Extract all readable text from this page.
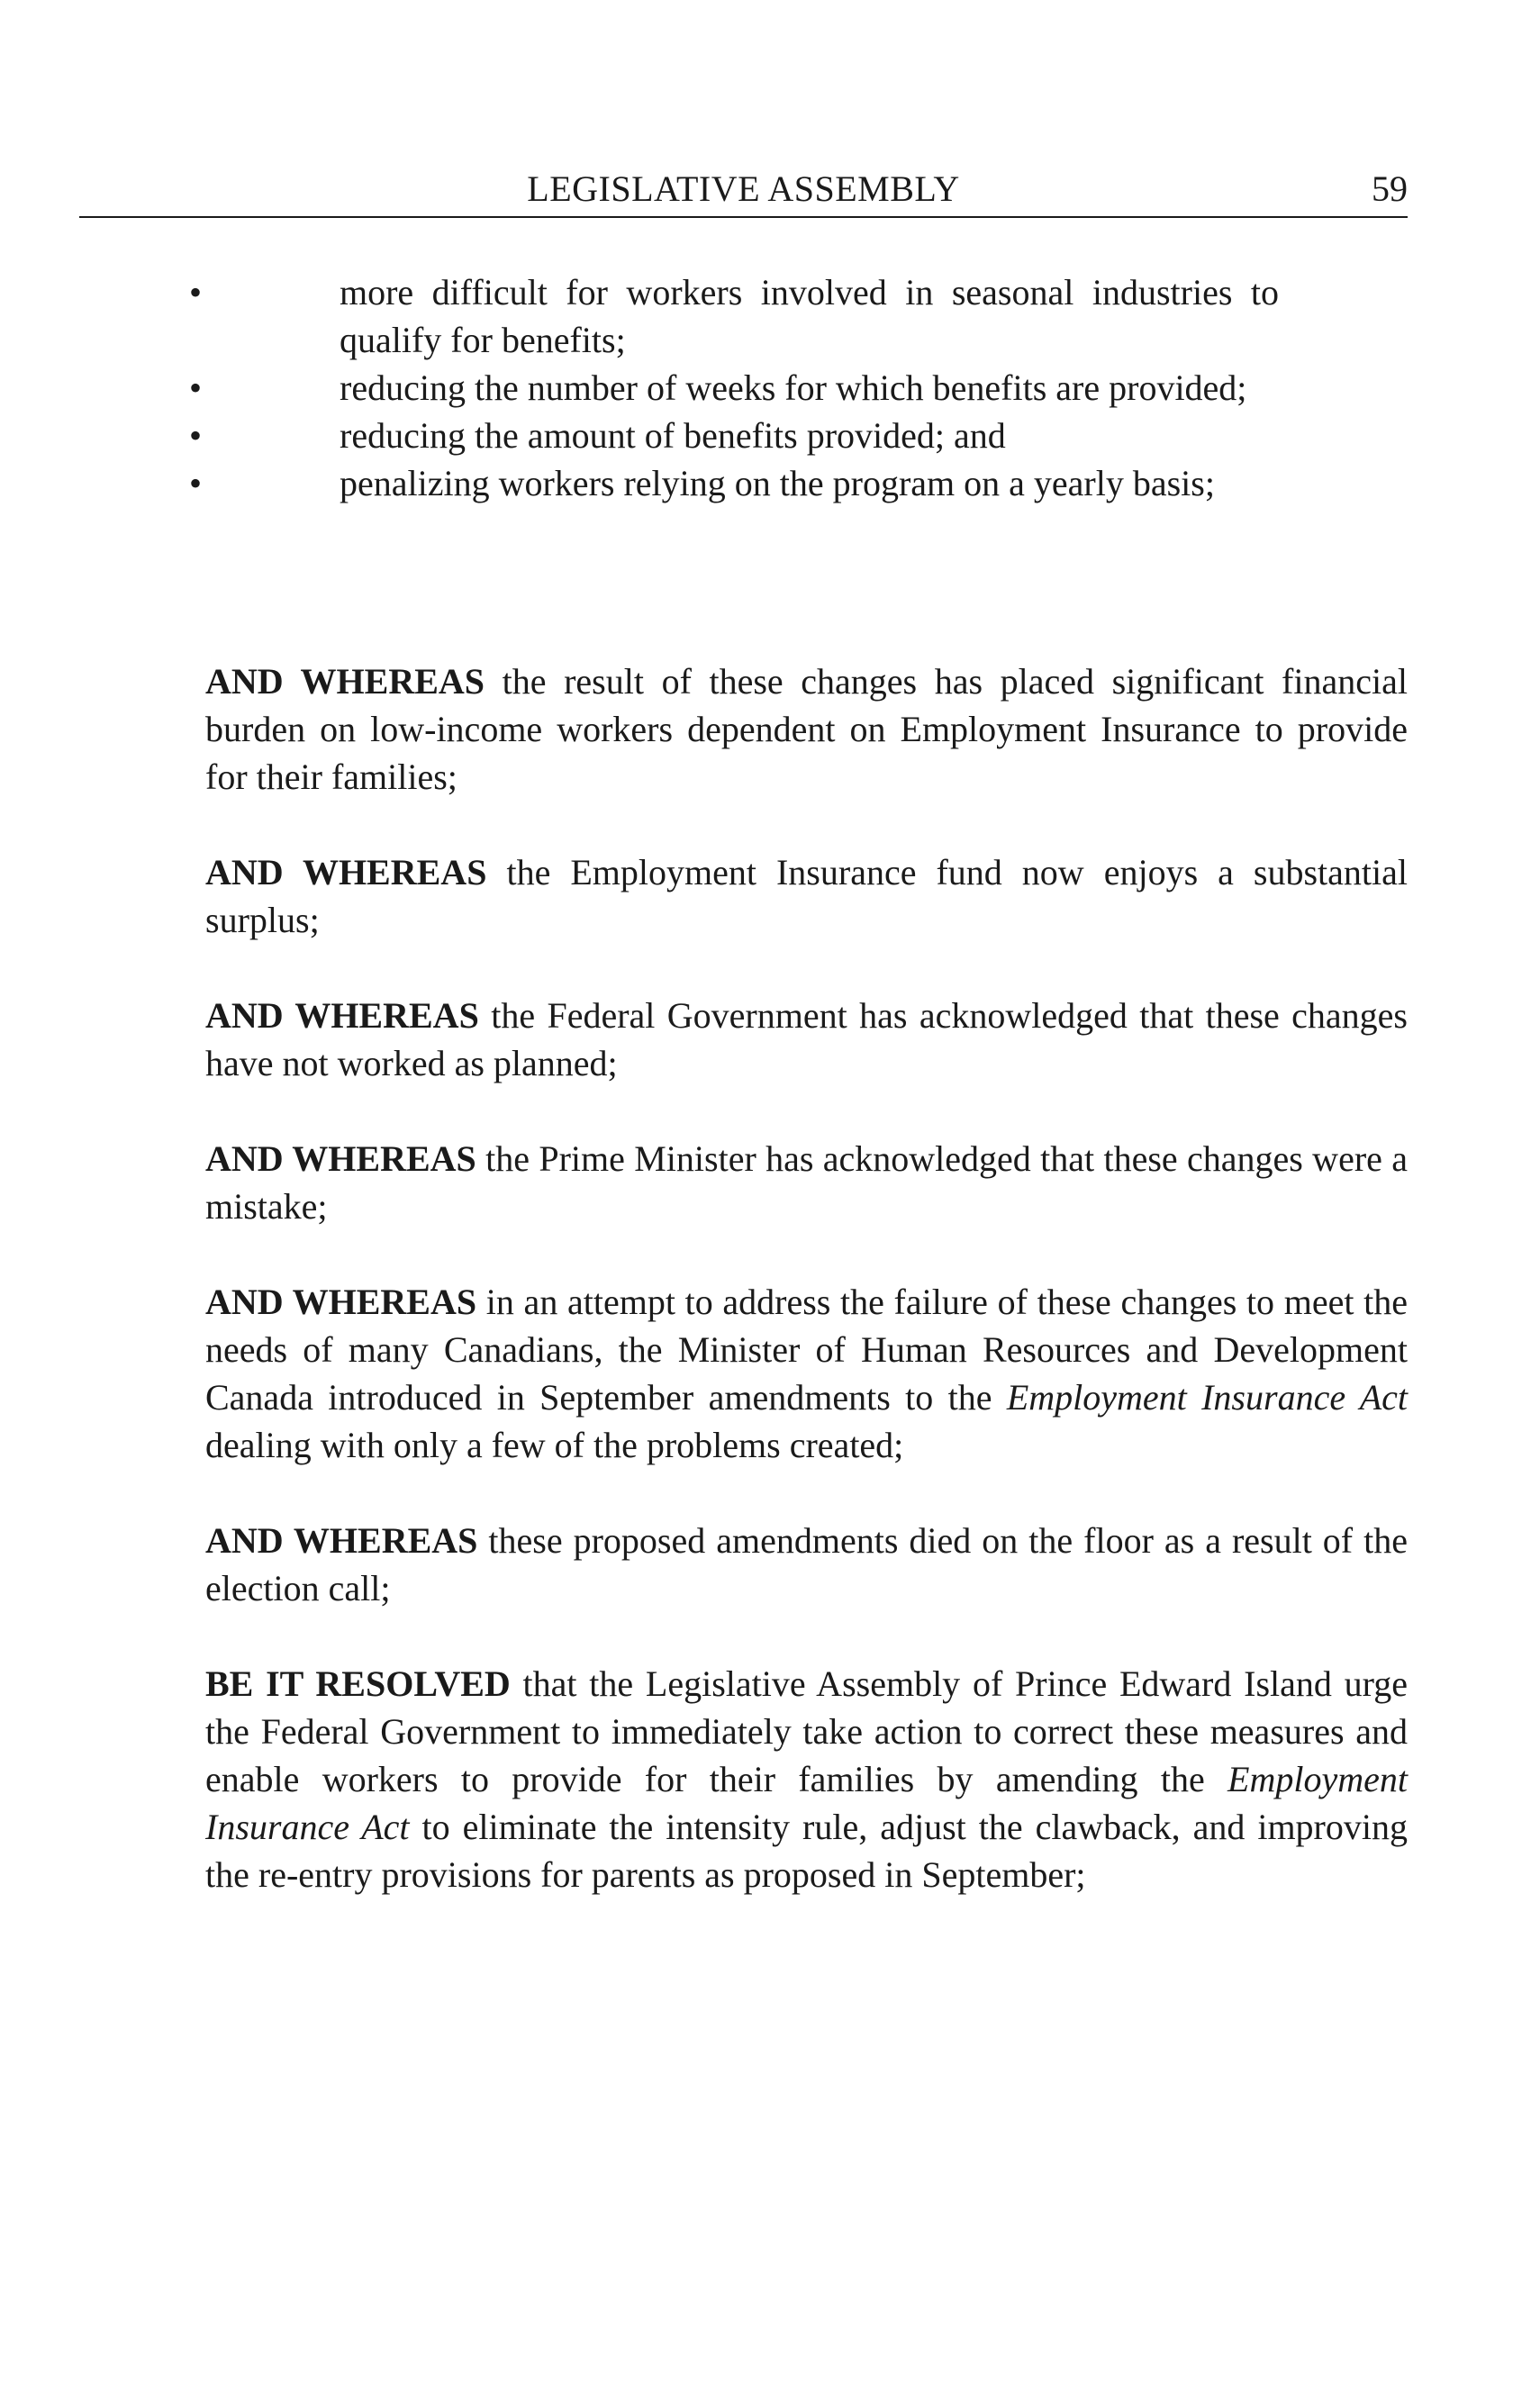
LEGISLATIVE ASSEMBLY	59
•	more difficult for workers involved in seasonal industries to qualify for benefits;
•	reducing the number of weeks for which benefits are provided;
•	reducing the amount of benefits provided; and
•	penalizing workers relying on the program on a yearly basis;

AND WHEREAS the result of these changes has placed significant financial burden on low-income workers dependent on Employment Insurance to provide for their families;

AND WHEREAS the Employment Insurance fund now enjoys a substantial surplus;

AND WHEREAS the Federal Government has acknowledged that these changes have not worked as planned;

AND WHEREAS the Prime Minister has acknowledged that these changes were a mistake;

AND WHEREAS in an attempt to address the failure of these changes to meet the needs of many Canadians, the Minister of Human Resources and Development Canada introduced in September amendments to the Employment Insurance Act dealing with only a few of the problems created;

AND WHEREAS these proposed amendments died on the floor as a result of the election call;

BE IT RESOLVED that the Legislative Assembly of Prince Edward Island urge the Federal Government to immediately take action to correct these measures and enable workers to provide for their families by amending the Employment Insurance Act to eliminate the intensity rule, adjust the clawback, and improving the re-entry provisions for parents as proposed in September;
